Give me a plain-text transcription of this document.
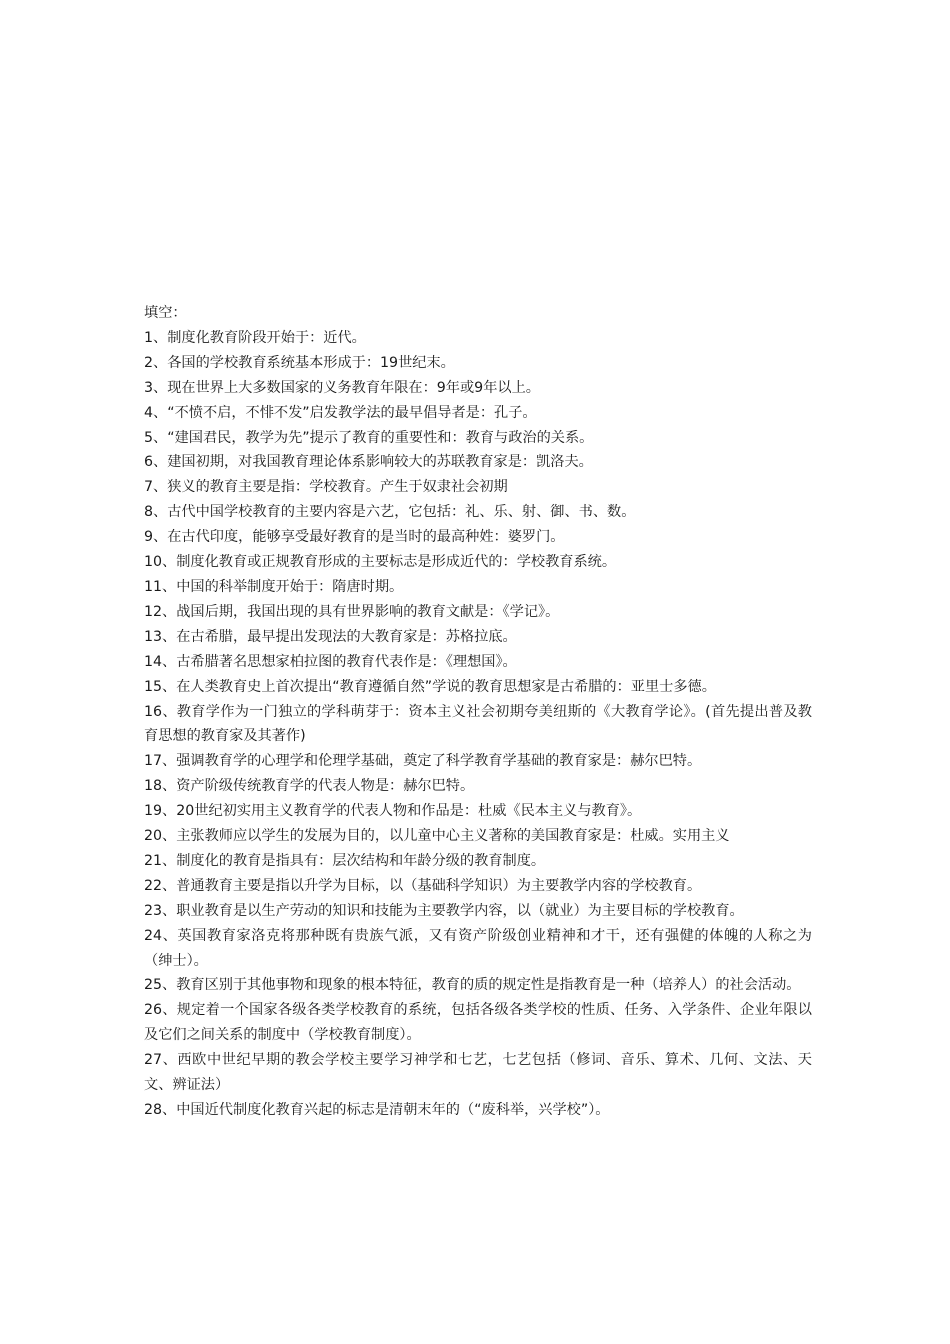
填空：

1、制度化教育阶段开始于：近代。
2、各国的学校教育系统基本形成于：19世纪末。
3、现在世界上大多数国家的义务教育年限在：9年或9年以上。
4、“不愤不启，不悱不发”启发教学法的最早倡导者是：孔子。
5、“建国君民，教学为先”提示了教育的重要性和：教育与政治的关系。
6、建国初期，对我国教育理论体系影响较大的苏联教育家是：凯洛夫。
7、狭义的教育主要是指：学校教育。产生于奴隶社会初期
8、古代中国学校教育的主要内容是六艺，它包括：礼、乐、射、御、书、数。
9、在古代印度，能够享受最好教育的是当时的最高种姓：婆罗门。
10、制度化教育或正规教育形成的主要标志是形成近代的：学校教育系统。
11、中国的科举制度开始于：隋唐时期。
12、战国后期，我国出现的具有世界影响的教育文献是：《学记》。
13、在古希腊，最早提出发现法的大教育家是：苏格拉底。
14、古希腊著名思想家柏拉图的教育代表作是：《理想国》。
15、在人类教育史上首次提出“教育遵循自然”学说的教育思想家是古希腊的：亚里士多德。
16、教育学作为一门独立的学科萌芽于：资本主义社会初期夸美纽斯的《大教育学论》。(首先提出普及教育思想的教育家及其著作)
17、强调教育学的心理学和伦理学基础，奠定了科学教育学基础的教育家是：赫尔巴特。
18、资产阶级传统教育学的代表人物是：赫尔巴特。
19、20世纪初实用主义教育学的代表人物和作品是：杜威《民本主义与教育》。
20、主张教师应以学生的发展为目的，以儿童中心主义著称的美国教育家是：杜威。实用主义
21、制度化的教育是指具有：层次结构和年龄分级的教育制度。
22、普通教育主要是指以升学为目标，以（基础科学知识）为主要教学内容的学校教育。
23、职业教育是以生产劳动的知识和技能为主要教学内容，以（就业）为主要目标的学校教育。
24、英国教育家洛克将那种既有贵族气派，又有资产阶级创业精神和才干，还有强健的体魄的人称之为（绅士）。
25、教育区别于其他事物和现象的根本特征，教育的质的规定性是指教育是一种（培养人）的社会活动。
26、规定着一个国家各级各类学校教育的系统，包括各级各类学校的性质、任务、入学条件、企业年限以及它们之间关系的制度中（学校教育制度）。
27、西欧中世纪早期的教会学校主要学习神学和七艺，七艺包括（修词、音乐、算术、几何、文法、天文、辨证法）
28、中国近代制度化教育兴起的标志是清朝末年的（“废科举，兴学校”）。
